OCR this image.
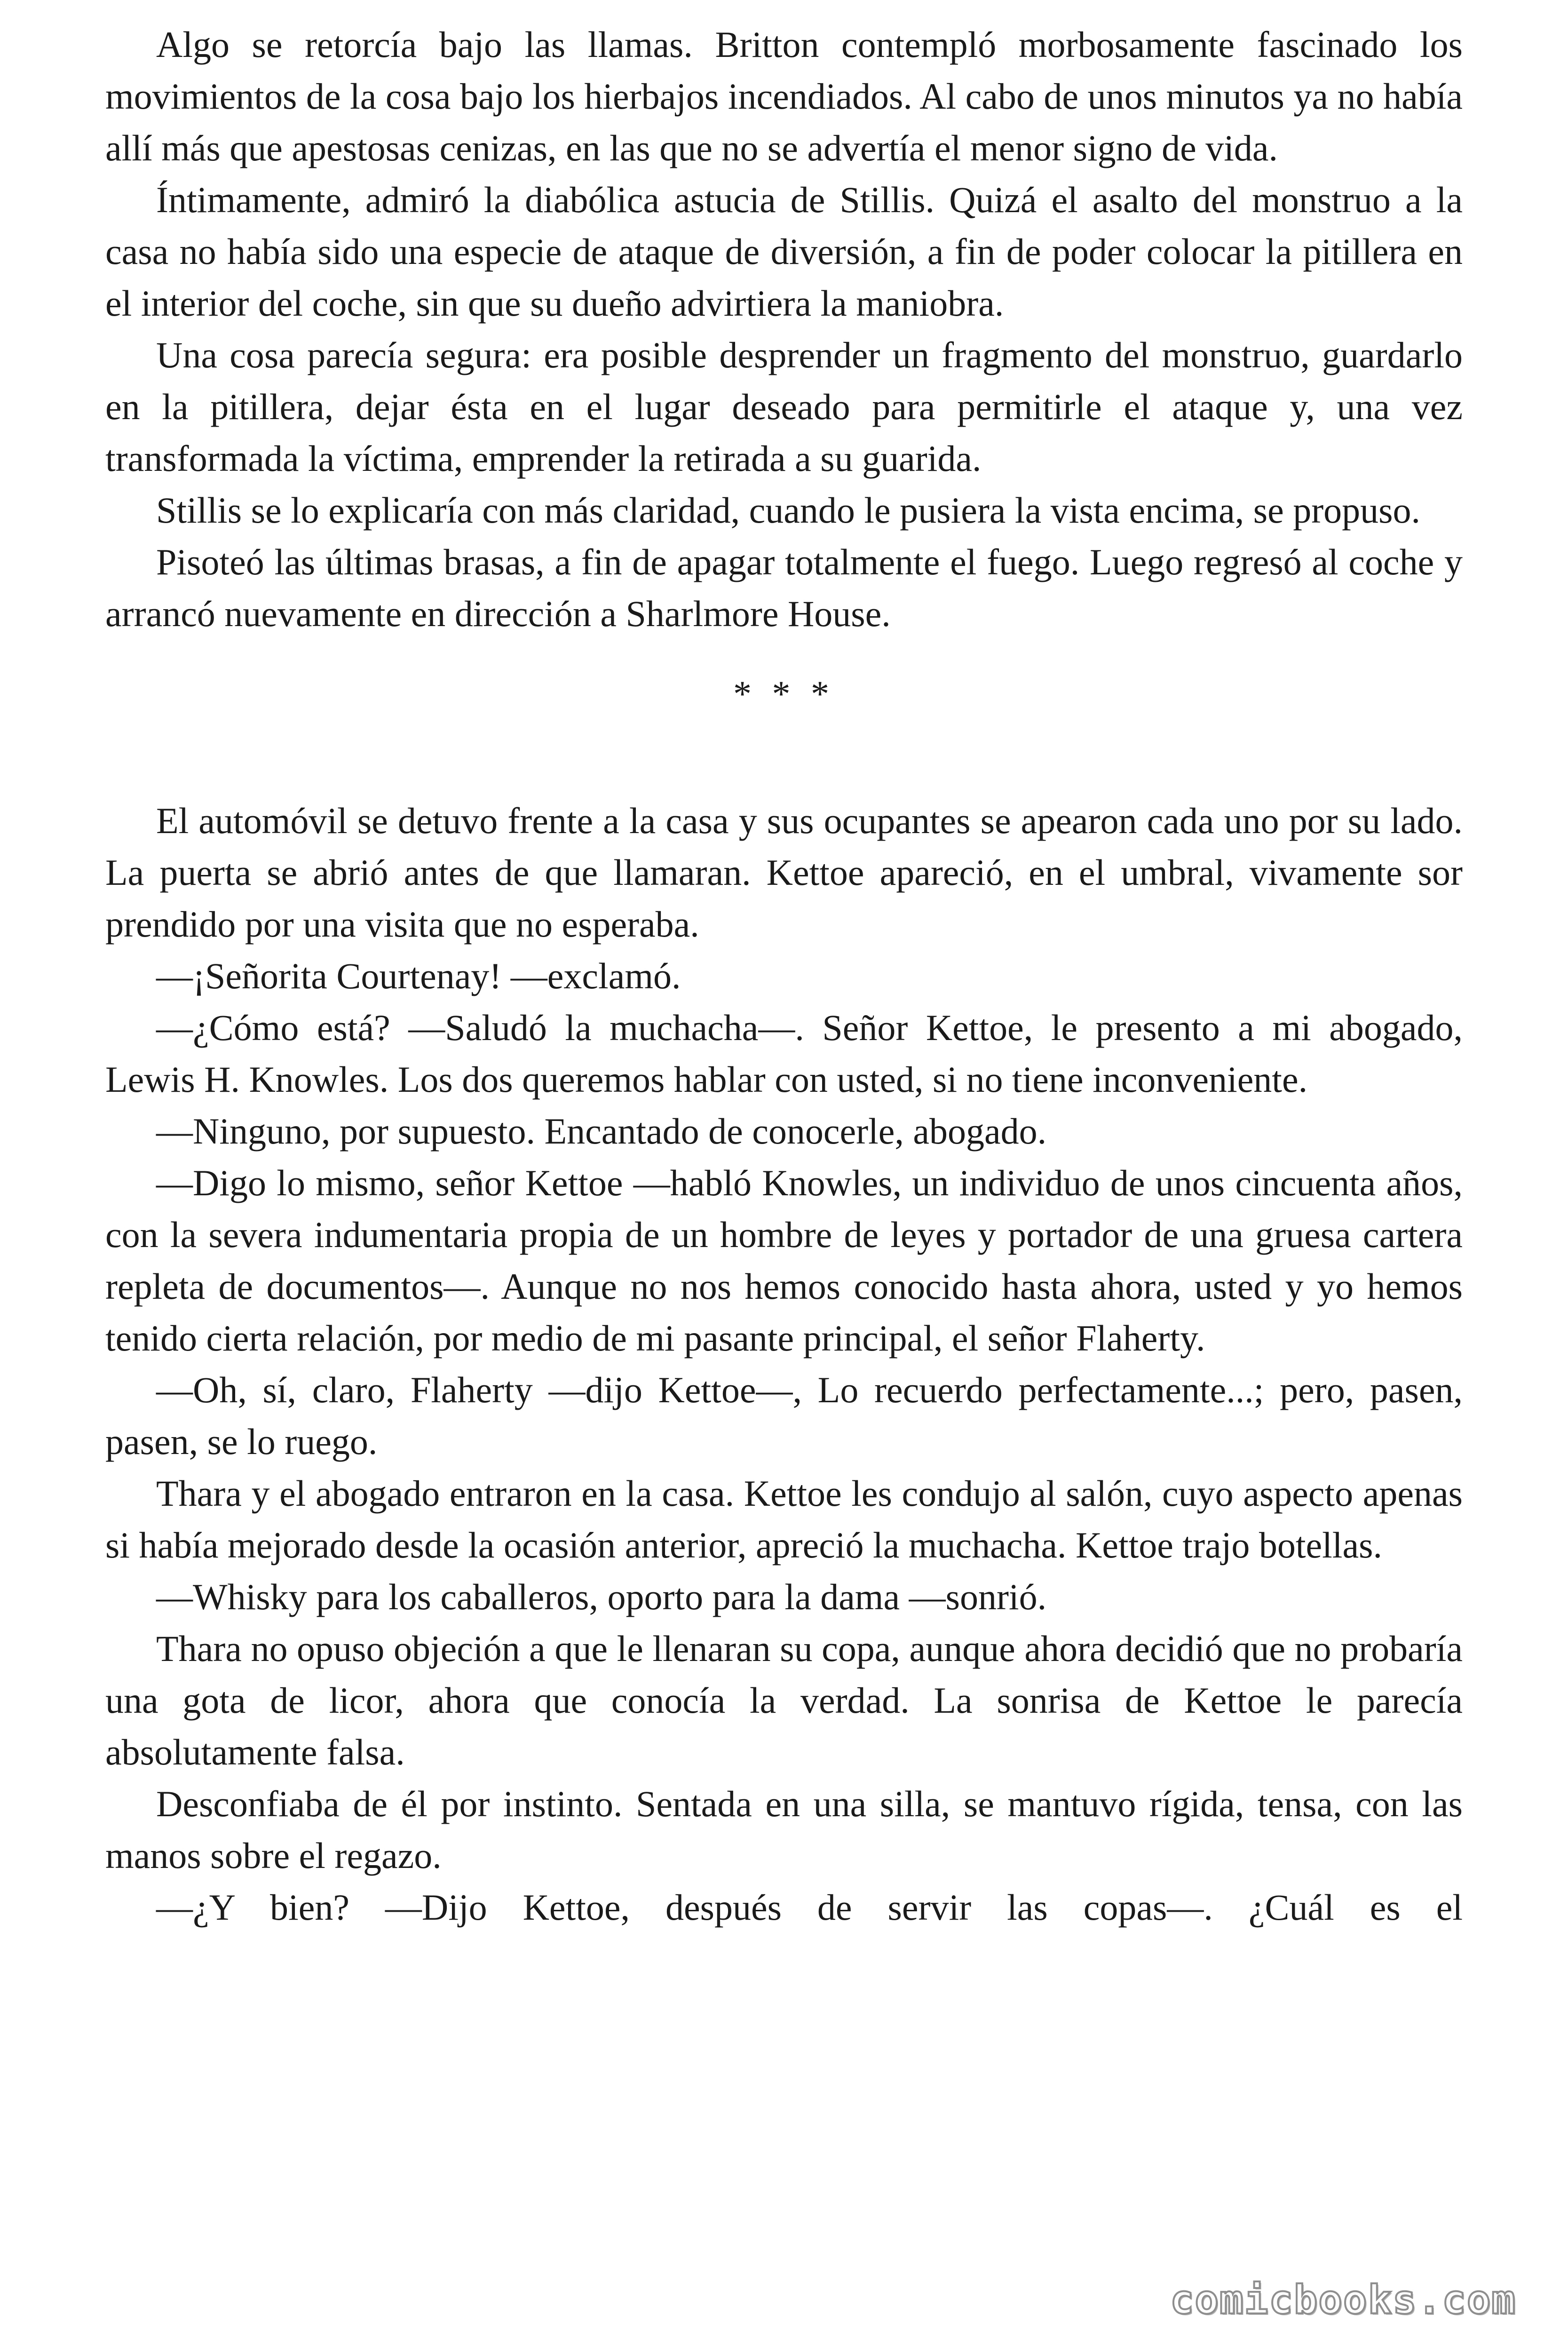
Algo se retorcía bajo las llamas. Britton contempló morbosamente fascinado los movimientos de la cosa bajo los hierbajos incendiados. Al cabo de unos minutos ya no había allí más que apestosas cenizas, en las que no se advertía el menor signo de vida.

Íntimamente, admiró la diabólica astucia de Stillis. Quizá el asalto del monstruo a la casa no había sido una especie de ataque de diversión, a fin de poder colocar la pitillera en el interior del coche, sin que su dueño advirtiera la maniobra.

Una cosa parecía segura: era posible desprender un fragmento del monstruo, guardarlo en la pitillera, dejar ésta en el lugar deseado para permitirle el ataque y, una vez transformada la víctima, emprender la retirada a su guarida.

Stillis se lo explicaría con más claridad, cuando le pusiera la vista encima, se propuso.

Pisoteó las últimas brasas, a fin de apagar totalmente el fuego. Luego regresó al coche y arrancó nuevamente en dirección a Sharlmore House.

* * *

El automóvil se detuvo frente a la casa y sus ocupantes se apearon cada uno por su lado. La puerta se abrió antes de que llamaran. Kettoe apareció, en el umbral, vivamente sor prendido por una visita que no esperaba.

—¡Señorita Courtenay! —exclamó.

—¿Cómo está? —Saludó la muchacha—. Señor Kettoe, le presento a mi abogado, Lewis H. Knowles. Los dos queremos hablar con usted, si no tiene inconveniente.

—Ninguno, por supuesto. Encantado de conocerle, abogado.

—Digo lo mismo, señor Kettoe —habló Knowles, un individuo de unos cincuenta años, con la severa indumentaria propia de un hombre de leyes y portador de una gruesa cartera repleta de documentos—. Aunque no nos hemos conocido hasta ahora, usted y yo hemos tenido cierta relación, por medio de mi pasante principal, el señor Flaherty.

—Oh, sí, claro, Flaherty —dijo Kettoe—, Lo recuerdo perfectamente...; pero, pasen, pasen, se lo ruego.

Thara y el abogado entraron en la casa. Kettoe les condujo al salón, cuyo aspecto apenas si había mejorado desde la ocasión anterior, apreció la muchacha. Kettoe trajo botellas.

—Whisky para los caballeros, oporto para la dama —sonrió.

Thara no opuso objeción a que le llenaran su copa, aunque ahora decidió que no probaría una gota de licor, ahora que conocía la verdad. La sonrisa de Kettoe le parecía absolutamente falsa.

Desconfiaba de él por instinto. Sentada en una silla, se mantuvo rígida, tensa, con las manos sobre el regazo.

—¿Y bien? —Dijo Kettoe, después de servir las copas—. ¿Cuál es el

comicbooks.com
